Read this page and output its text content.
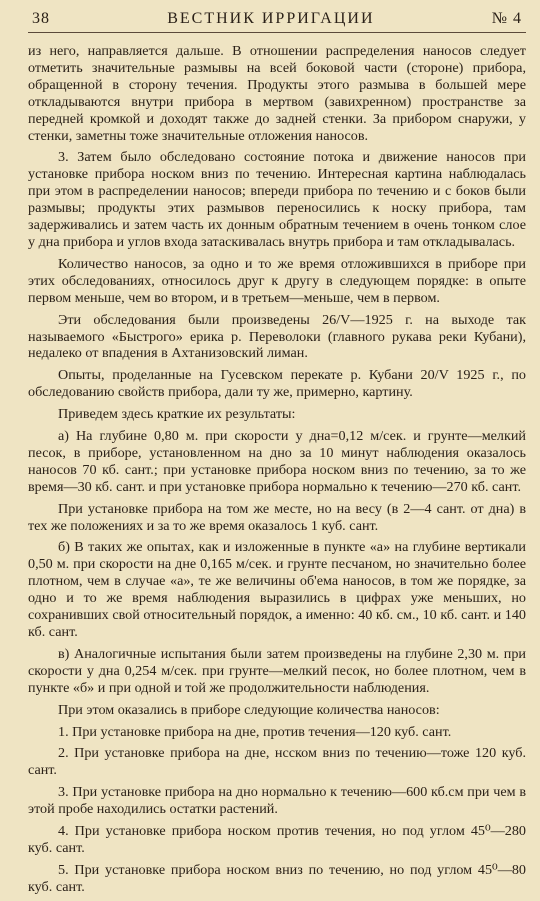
38	ВЕСТНИК ИРРИГАЦИИ	№ 4

из него, направляется дальше. В отношении распределения наносов следует отметить значительные размывы на всей боковой части (стороне) прибора, обращенной в сторону течения. Продукты этого размыва в большей мере откладываются внутри прибора в мертвом (завихренном) пространстве за передней кромкой и доходят также до задней стенки. За прибором снаружи, у стенки, заметны тоже значительные отложения наносов.

3. Затем было обследовано состояние потока и движение наносов при установке прибора носком вниз по течению. Интересная картина наблюдалась при этом в распределении наносов; впереди прибора по течению и с боков были размывы; продукты этих размывов переносились к носку прибора, там задерживались и затем часть их донным обратным течением в очень тонком слое у дна прибора и углов входа затаскивалась внутрь прибора и там откладывалась.

Количество наносов, за одно и то же время отложившихся в приборе при этих обследованиях, относилось друг к другу в следующем порядке: в опыте первом меньше, чем во втором, и в третьем—меньше, чем в первом.

Эти обследования были произведены 26/V—1925 г. на выходе так называемого «Быстрого» ерика р. Переволоки (главного рукава реки Кубани), недалеко от впадения в Ахтанизовский лиман.

Опыты, проделанные на Гусевском перекате р. Кубани 20/V 1925 г., по обследованию свойств прибора, дали ту же, примерно, картину.

Приведем здесь краткие их результаты:

а) На глубине 0,80 м. при скорости у дна=0,12 м/сек. и грунте—мелкий песок, в приборе, установленном на дно за 10 минут наблюдения оказалось наносов 70 кб. сант.; при установке прибора носком вниз по течению, за то же время—30 кб. сант. и при установке прибора нормально к течению—270 кб. сант.

При установке прибора на том же месте, но на весу (в 2—4 сант. от дна) в тех же положениях и за то же время оказалось 1 куб. сант.

б) В таких же опытах, как и изложенные в пункте «а» на глубине вертикали 0,50 м. при скорости на дне 0,165 м/сек. и грунте песчаном, но значительно более плотном, чем в случае «а», те же величины об'ема наносов, в том же порядке, за одно и то же время наблюдения выразились в цифрах уже меньших, но сохранивших свой относительный порядок, а именно: 40 кб. см., 10 кб. сант. и 140 кб. сант.

в) Аналогичные испытания были затем произведены на глубине 2,30 м. при скорости у дна 0,254 м/сек. при грунте—мелкий песок, но более плотном, чем в пункте «б» и при одной и той же продолжительности наблюдения.

При этом оказались в приборе следующие количества наносов:

1. При установке прибора на дне, против течения—120 куб. сант.

2. При установке прибора на дне, нсском вниз по течению—тоже 120 куб. сант.

3. При установке прибора на дно нормально к течению—600 кб.см при чем в этой пробе находились остатки растений.

4. При установке прибора носком против течения, но под углом 45⁰—280 куб. сант.

5. При установке прибора носком вниз по течению, но под углом 45⁰—80 куб. сант.
